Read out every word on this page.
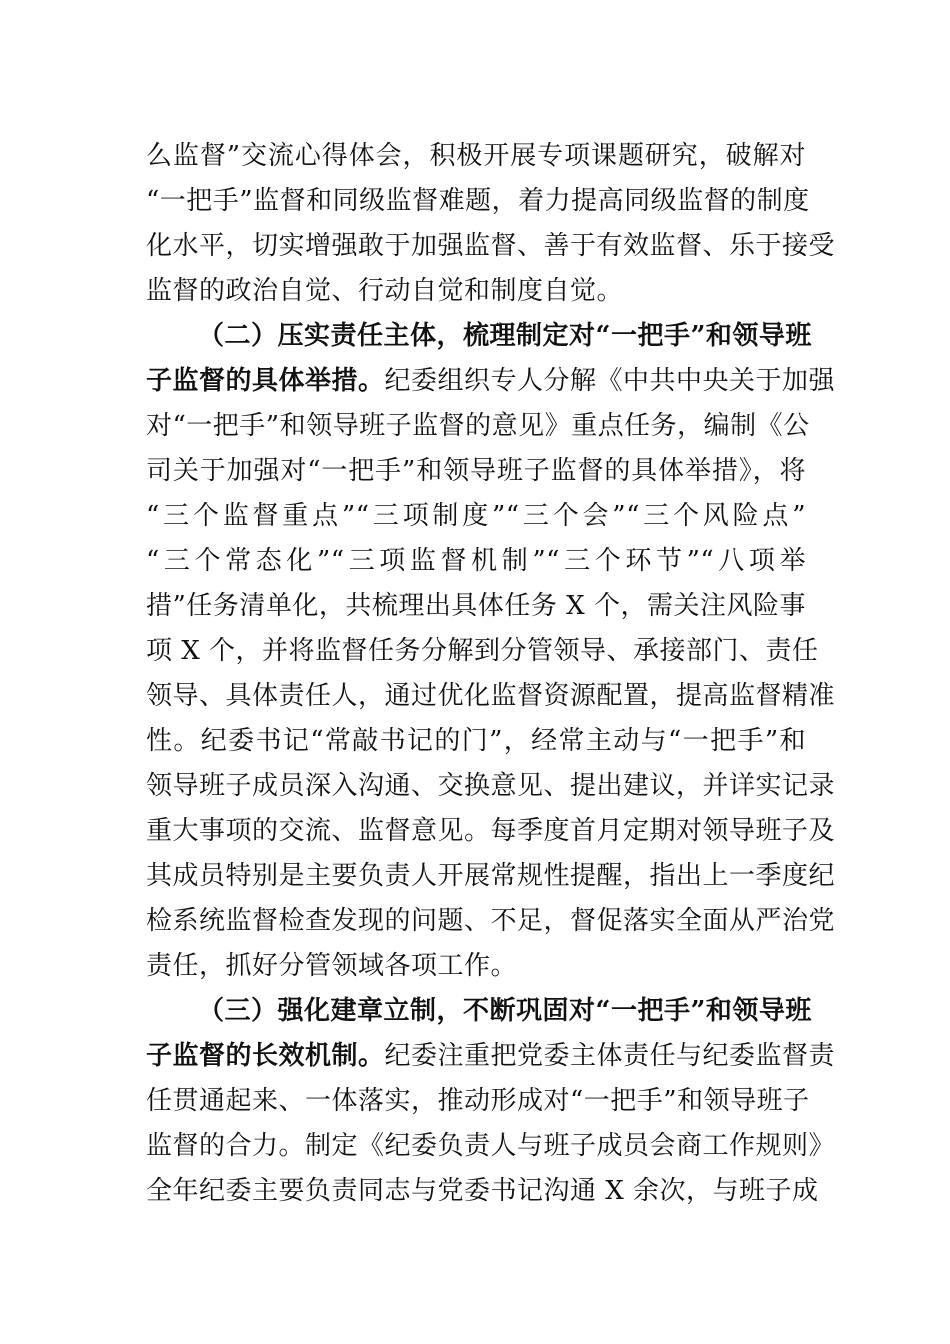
么监督”交流心得体会，积极开展专项课题研究，破解对
“一把手”监督和同级监督难题，着力提高同级监督的制度
化水平，切实增强敢于加强监督、善于有效监督、乐于接受
监督的政治自觉、行动自觉和制度自觉。
（二）压实责任主体，梳理制定对“一把手”和领导班
子监督的具体举措。纪委组织专人分解《中共中央关于加强
对“一把手”和领导班子监督的意见》重点任务，编制《公
司关于加强对“一把手”和领导班子监督的具体举措》，将
“三个监督重点”“三项制度”“三个会”“三个风险点”
“三个常态化”“三项监督机制”“三个环节”“八项举
措”任务清单化，共梳理出具体任务 X 个，需关注风险事
项 X 个，并将监督任务分解到分管领导、承接部门、责任
领导、具体责任人，通过优化监督资源配置，提高监督精准
性。纪委书记“常敲书记的门”，经常主动与“一把手”和
领导班子成员深入沟通、交换意见、提出建议，并详实记录
重大事项的交流、监督意见。每季度首月定期对领导班子及
其成员特别是主要负责人开展常规性提醒，指出上一季度纪
检系统监督检查发现的问题、不足，督促落实全面从严治党
责任，抓好分管领域各项工作。
（三）强化建章立制，不断巩固对“一把手”和领导班
子监督的长效机制。纪委注重把党委主体责任与纪委监督责
任贯通起来、一体落实，推动形成对“一把手”和领导班子
监督的合力。制定《纪委负责人与班子成员会商工作规则》
全年纪委主要负责同志与党委书记沟通 X 余次，与班子成
